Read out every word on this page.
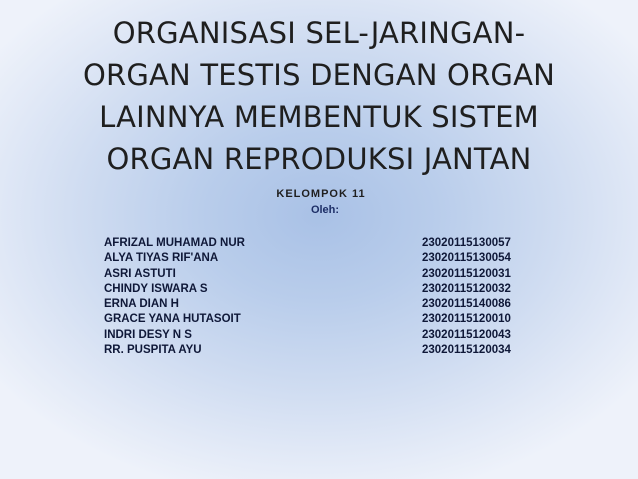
ORGANISASI SEL-JARINGAN-
ORGAN TESTIS DENGAN ORGAN
LAINNYA MEMBENTUK SISTEM
ORGAN REPRODUKSI JANTAN

KELOMPOK 11

Oleh:

AFRIZAL MUHAMAD NUR	23020115130057
ALYA TIYAS RIF'ANA	23020115130054
ASRI ASTUTI	23020115120031
CHINDY ISWARA S	23020115120032
ERNA DIAN H	23020115140086
GRACE YANA HUTASOIT	23020115120010
INDRI DESY N S	23020115120043
RR. PUSPITA AYU	23020115120034
